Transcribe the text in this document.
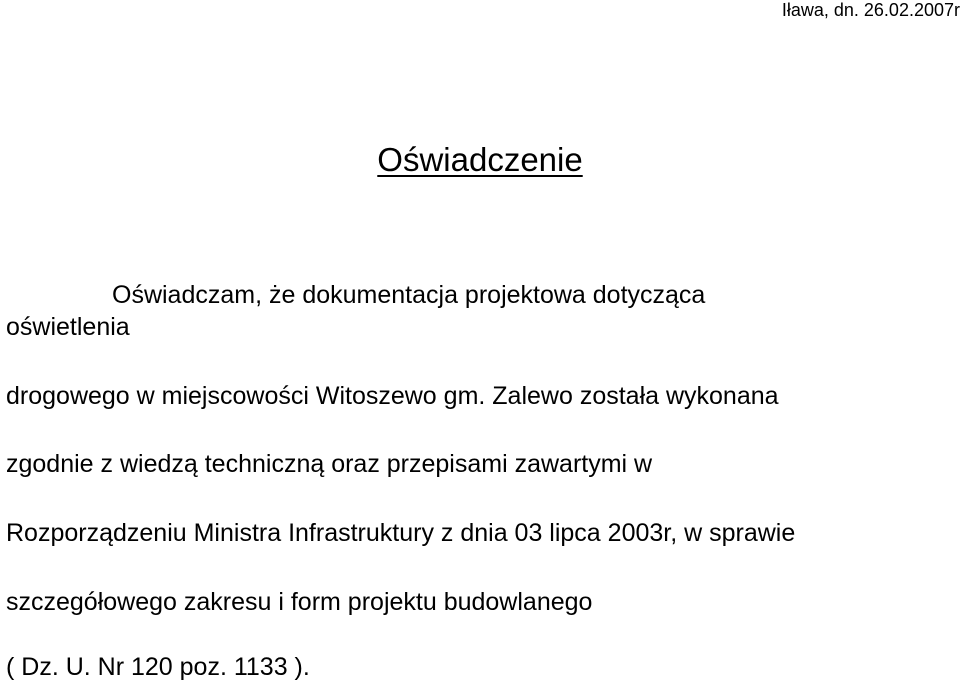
Iława, dn. 26.02.2007r
Oświadczenie
Oświadczam, że dokumentacja projektowa dotycząca
oświetlenia
drogowego w miejscowości Witoszewo gm. Zalewo została wykonana
zgodnie z wiedzą techniczną oraz przepisami zawartymi w
Rozporządzeniu Ministra Infrastruktury z dnia 03 lipca 2003r, w sprawie
szczegółowego zakresu i form projektu budowlanego
( Dz. U. Nr 120 poz. 1133 ).
